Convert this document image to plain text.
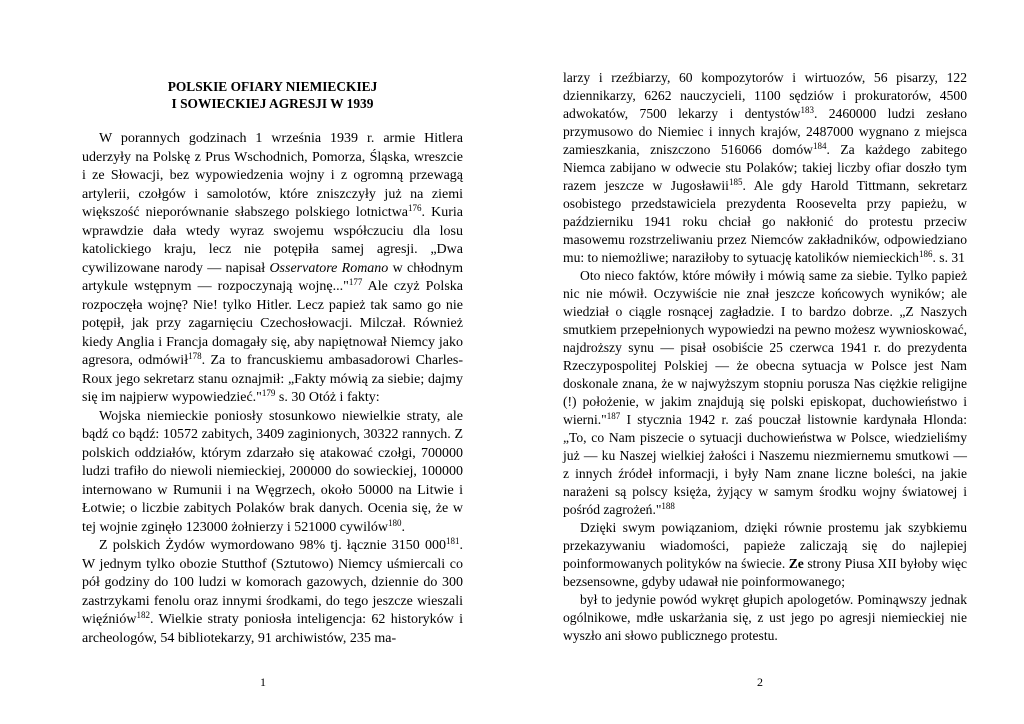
POLSKIE OFIARY NIEMIECKIEJ
I SOWIECKIEJ AGRESJI W 1939

W porannych godzinach 1 września 1939 r. armie Hitlera uderzyły na Polskę z Prus Wschodnich, Pomorza, Śląska, wreszcie i ze Słowacji, bez wypowiedzenia wojny i z ogromną przewagą artylerii, czołgów i samolotów, które zniszczyły już na ziemi większość nieporównanie słabszego polskiego lotnictwa$^{176}$. Kuria wprawdzie dała wtedy wyraz swojemu współczuciu dla losu katolickiego kraju, lecz nie potępiła samej agresji. „Dwa cywilizowane narody — napisał Osservatore Romano w chłodnym artykule wstępnym — rozpoczynają wojnę..."$^{177}$ Ale czyż Polska rozpoczęła wojnę? Nie! tylko Hitler. Lecz papież tak samo go nie potępił, jak przy zagarnięciu Czechosłowacji. Milczał. Również kiedy Anglia i Francja domagały się, aby napiętnował Niemcy jako agresora, odmówił$^{178}$. Za to francuskiemu ambasadorowi Charles-Roux jego sekretarz stanu oznajmił: „Fakty mówią za siebie; dajmy się im najpierw wypowiedzieć."$^{179}$ s. 30 Otóż i fakty:

Wojska niemieckie poniosły stosunkowo niewielkie straty, ale bądź co bądź: 10572 zabitych, 3409 zaginionych, 30322 rannych. Z polskich oddziałów, którym zdarzało się atakować czołgi, 700000 ludzi trafiło do niewoli niemieckiej, 200000 do sowieckiej, 100000 internowano w Rumunii i na Węgrzech, około 50000 na Litwie i Łotwie; o liczbie zabitych Polaków brak danych. Ocenia się, że w tej wojnie zginęło 123000 żołnierzy i 521000 cywilów$^{180}$.

Z polskich Żydów wymordowano 98% tj. łącznie 3150 $000^{181}$. W jednym tylko obozie Stutthof (Sztutowo) Niemcy uśmiercali co pół godziny do 100 ludzi w komorach gazowych, dziennie do 300 zastrzykami fenolu oraz innymi środkami, do tego jeszcze wieszali więźniów$^{182}$. Wielkie straty poniosła inteligencja: 62 historyków i archeologów, 54 bibliotekarzy, 91 archiwistów, 235 ma-

1

larzy i rzeźbiarzy, 60 kompozytorów i wirtuozów, 56 pisarzy, 122 dziennikarzy, 6262 nauczycieli, 1100 sędziów i prokuratorów, 4500 adwokatów, 7500 lekarzy i dentystów$^{183}$. 2460000 ludzi zesłano przymusowo do Niemiec i innych krajów, 2487000 wygnano z miejsca zamieszkania, zniszczono 516066 domów$^{184}$. Za każdego zabitego Niemca zabijano w odwecie stu Polaków; takiej liczby ofiar doszło tym razem jeszcze w Jugosławii$^{185}$. Ale gdy Harold Tittmann, sekretarz osobistego przedstawiciela prezydenta Roosevelta przy papieżu, w październiku 1941 roku chciał go nakłonić do protestu przeciw masowemu rozstrzeliwaniu przez Niemców zakładników, odpowiedziano mu: to niemożliwe; naraziłoby to sytuację katolików niemieckich$^{186}$. s. 31

Oto nieco faktów, które mówiły i mówią same za siebie. Tylko papież nic nie mówił. Oczywiście nie znał jeszcze końcowych wyników; ale wiedział o ciągle rosnącej zagładzie. I to bardzo dobrze. „Z Naszych smutkiem przepełnionych wypowiedzi na pewno możesz wywnioskować, najdroższy synu — pisał osobiście 25 czerwca 1941 r. do prezydenta Rzeczypospolitej Polskiej — że obecna sytuacja w Polsce jest Nam doskonale znana, że w najwyższym stopniu porusza Nas ciężkie religijne (!) położenie, w jakim znajdują się polski episkopat, duchowieństwo i wierni."$^{187}$ I stycznia 1942 r. zaś pouczał listownie kardynała Hlonda: „To, co Nam piszecie o sytuacji duchowieństwa w Polsce, wiedzieliśmy już — ku Naszej wielkiej żałości i Naszemu niezmiernemu smutkowi — z innych źródeł informacji, i były Nam znane liczne boleści, na jakie narażeni są polscy księża, żyjący w samym środku wojny światowej i pośród zagrożeń."$^{188}$

Dzięki swym powiązaniom, dzięki równie prostemu jak szybkiemu przekazywaniu wiadomości, papieże zaliczają się do najlepiej poinformowanych polityków na świecie. Ze strony Piusa XII byłoby więc bezsensowne, gdyby udawał nie poinformowanego;

był to jedynie powód wykręt głupich apologetów. Pominąwszy jednak ogólnikowe, mdłe uskarżania się, z ust jego po agresji niemieckiej nie wyszło ani słowo publicznego protestu.

2
